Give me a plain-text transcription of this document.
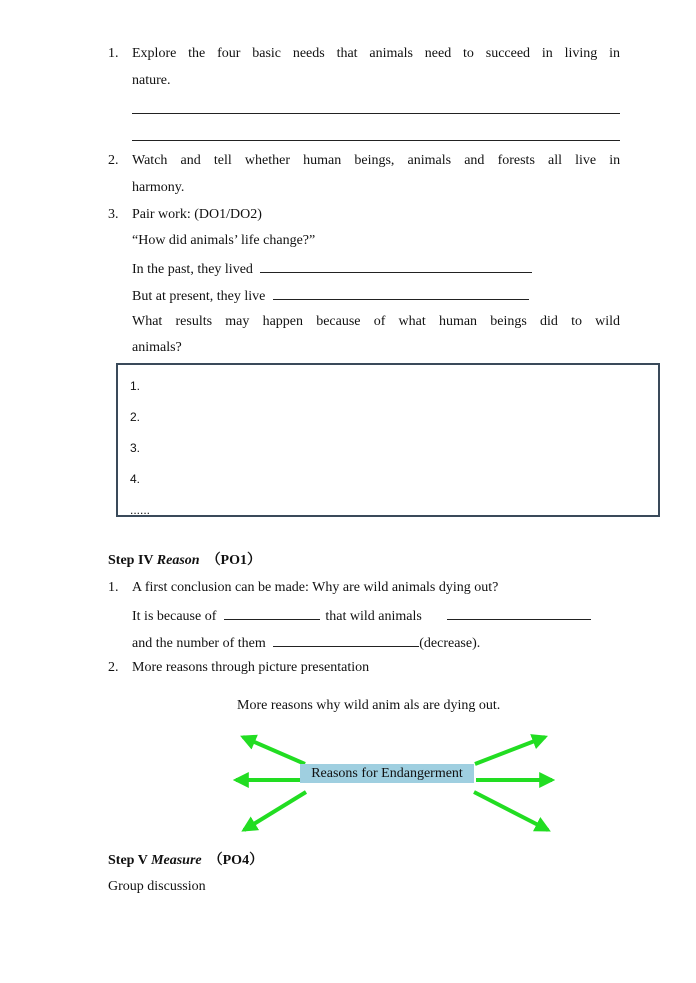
1. Explore the four basic needs that animals need to succeed in living in
nature.
2. Watch and tell whether human beings, animals and forests all live in
harmony.
3. Pair work: (DO1/DO2)
“How did animals’ life change?”
In the past, they lived
But at present, they live
What results may happen because of what human beings did to wild
animals?
1.
2.
3.
4.
......
Step IV Reason （PO1）
1. A first conclusion can be made: Why are wild animals dying out?
It is because of	that wild animals
and the number of them	(decrease).
2. More reasons through picture presentation
More reasons why wild anim als are dying out.
Reasons for Endangerment
Step V Measure （PO4）
Group discussion
